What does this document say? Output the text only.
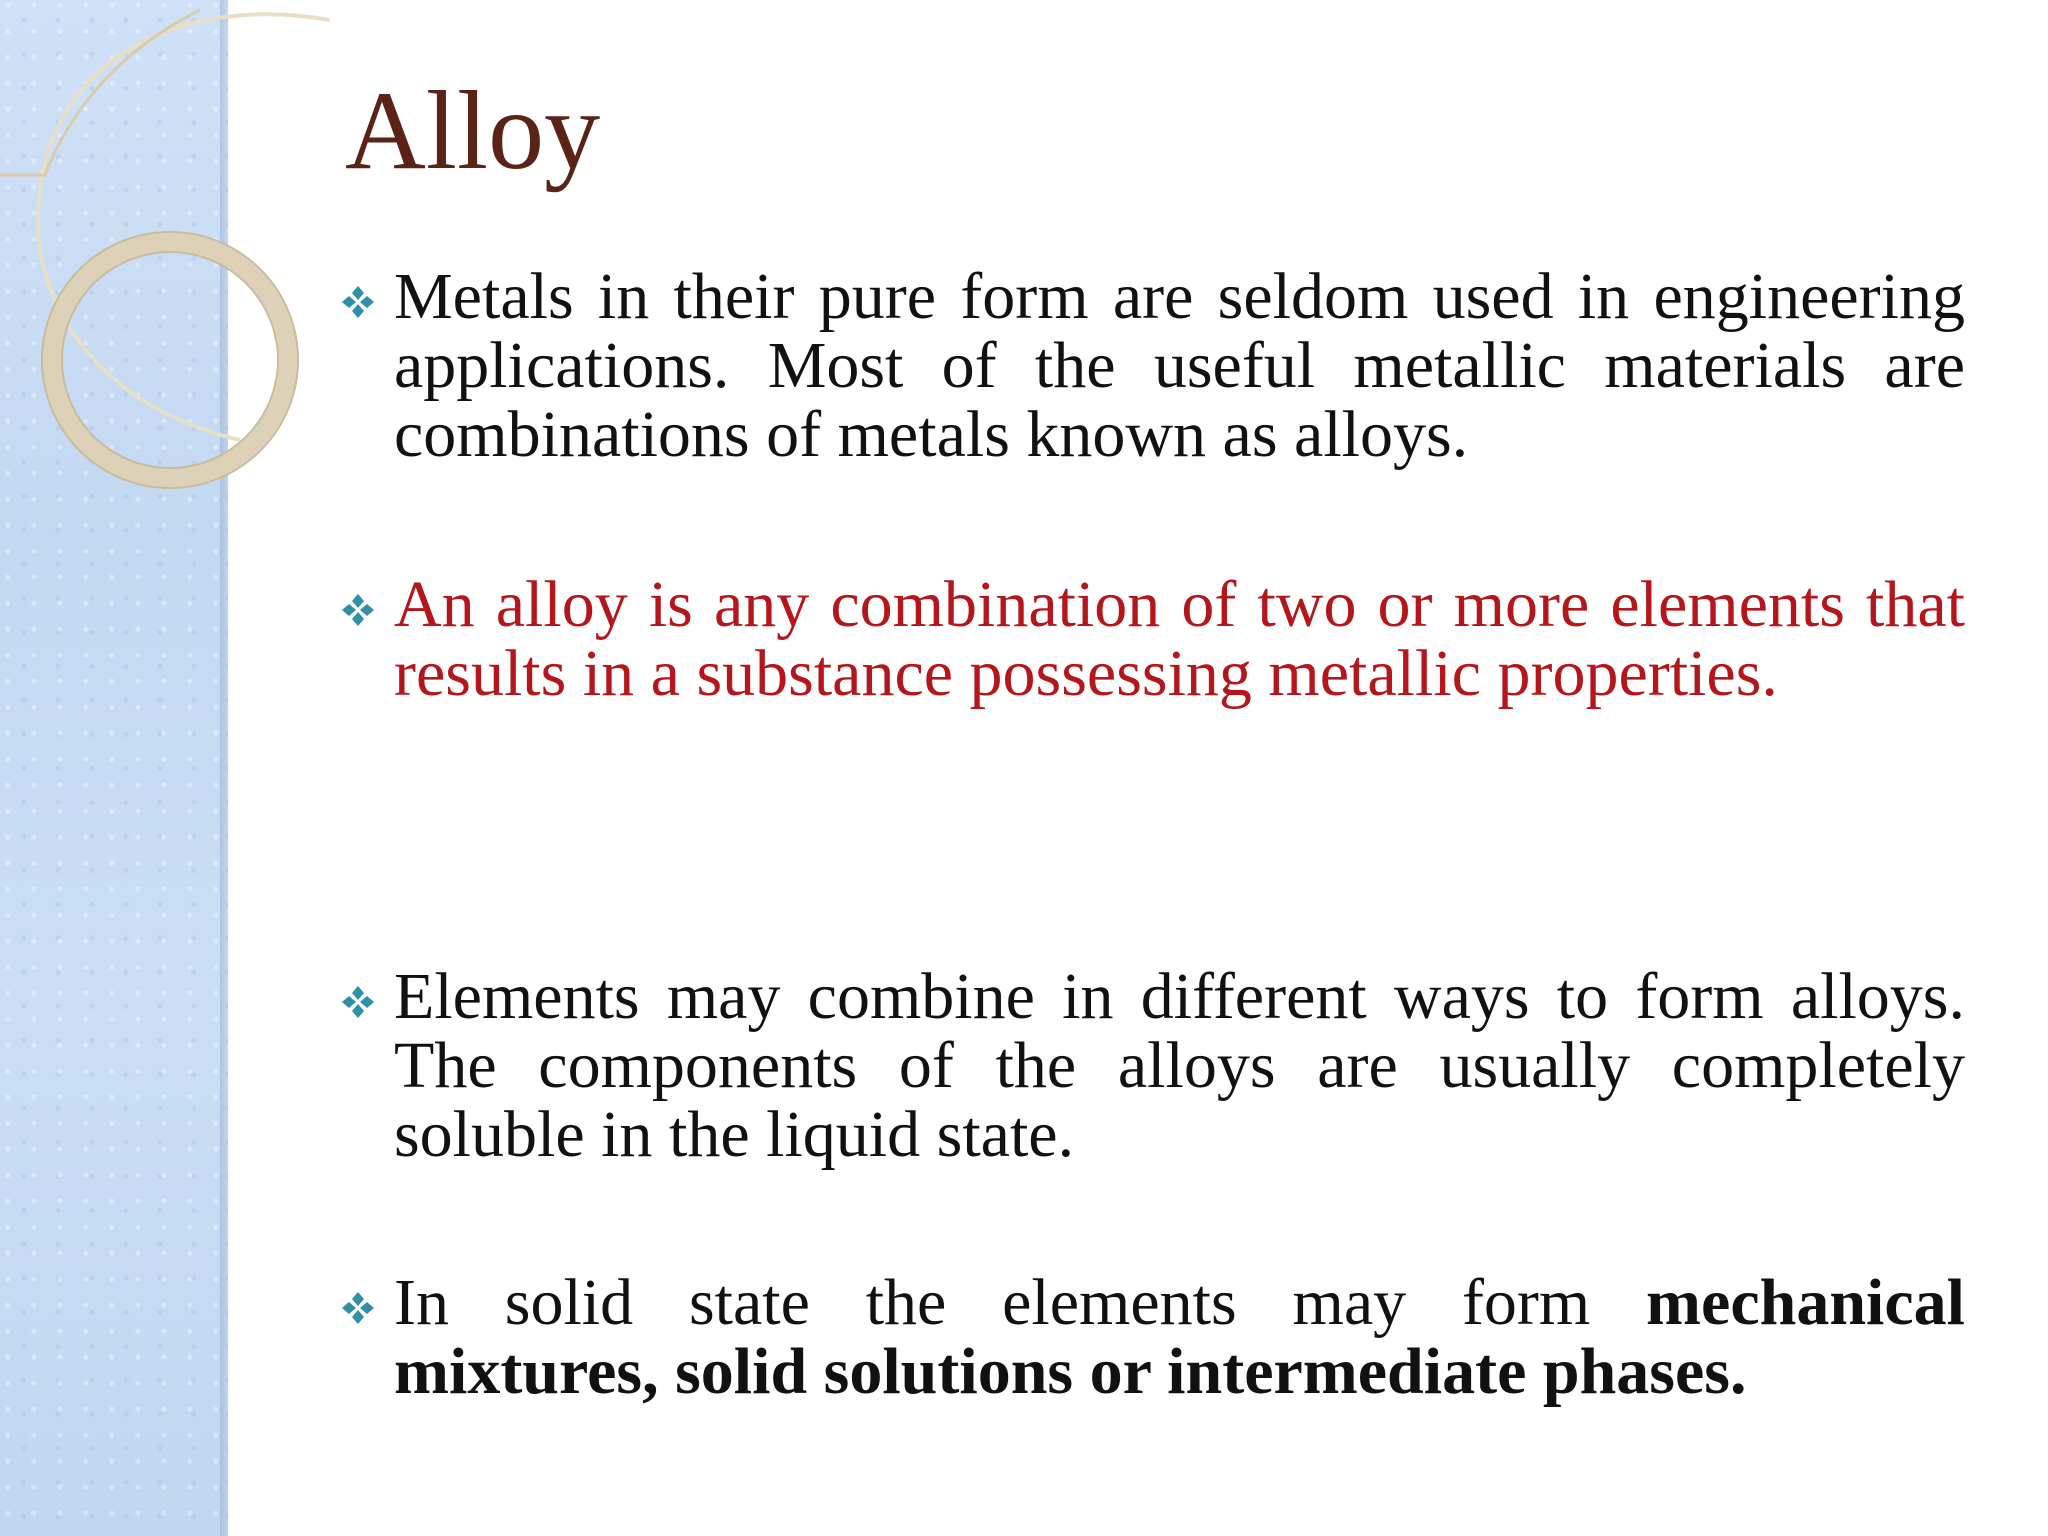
Alloy

Metals in their pure form are seldom used in engineering applications. Most of the useful metallic materials are combinations of metals known as alloys.

An alloy is any combination of two or more elements that results in a substance possessing metallic properties.

Elements may combine in different ways to form alloys. The components of the alloys are usually completely soluble in the liquid state.

In solid state the elements may form mechanical mixtures, solid solutions or intermediate phases.
